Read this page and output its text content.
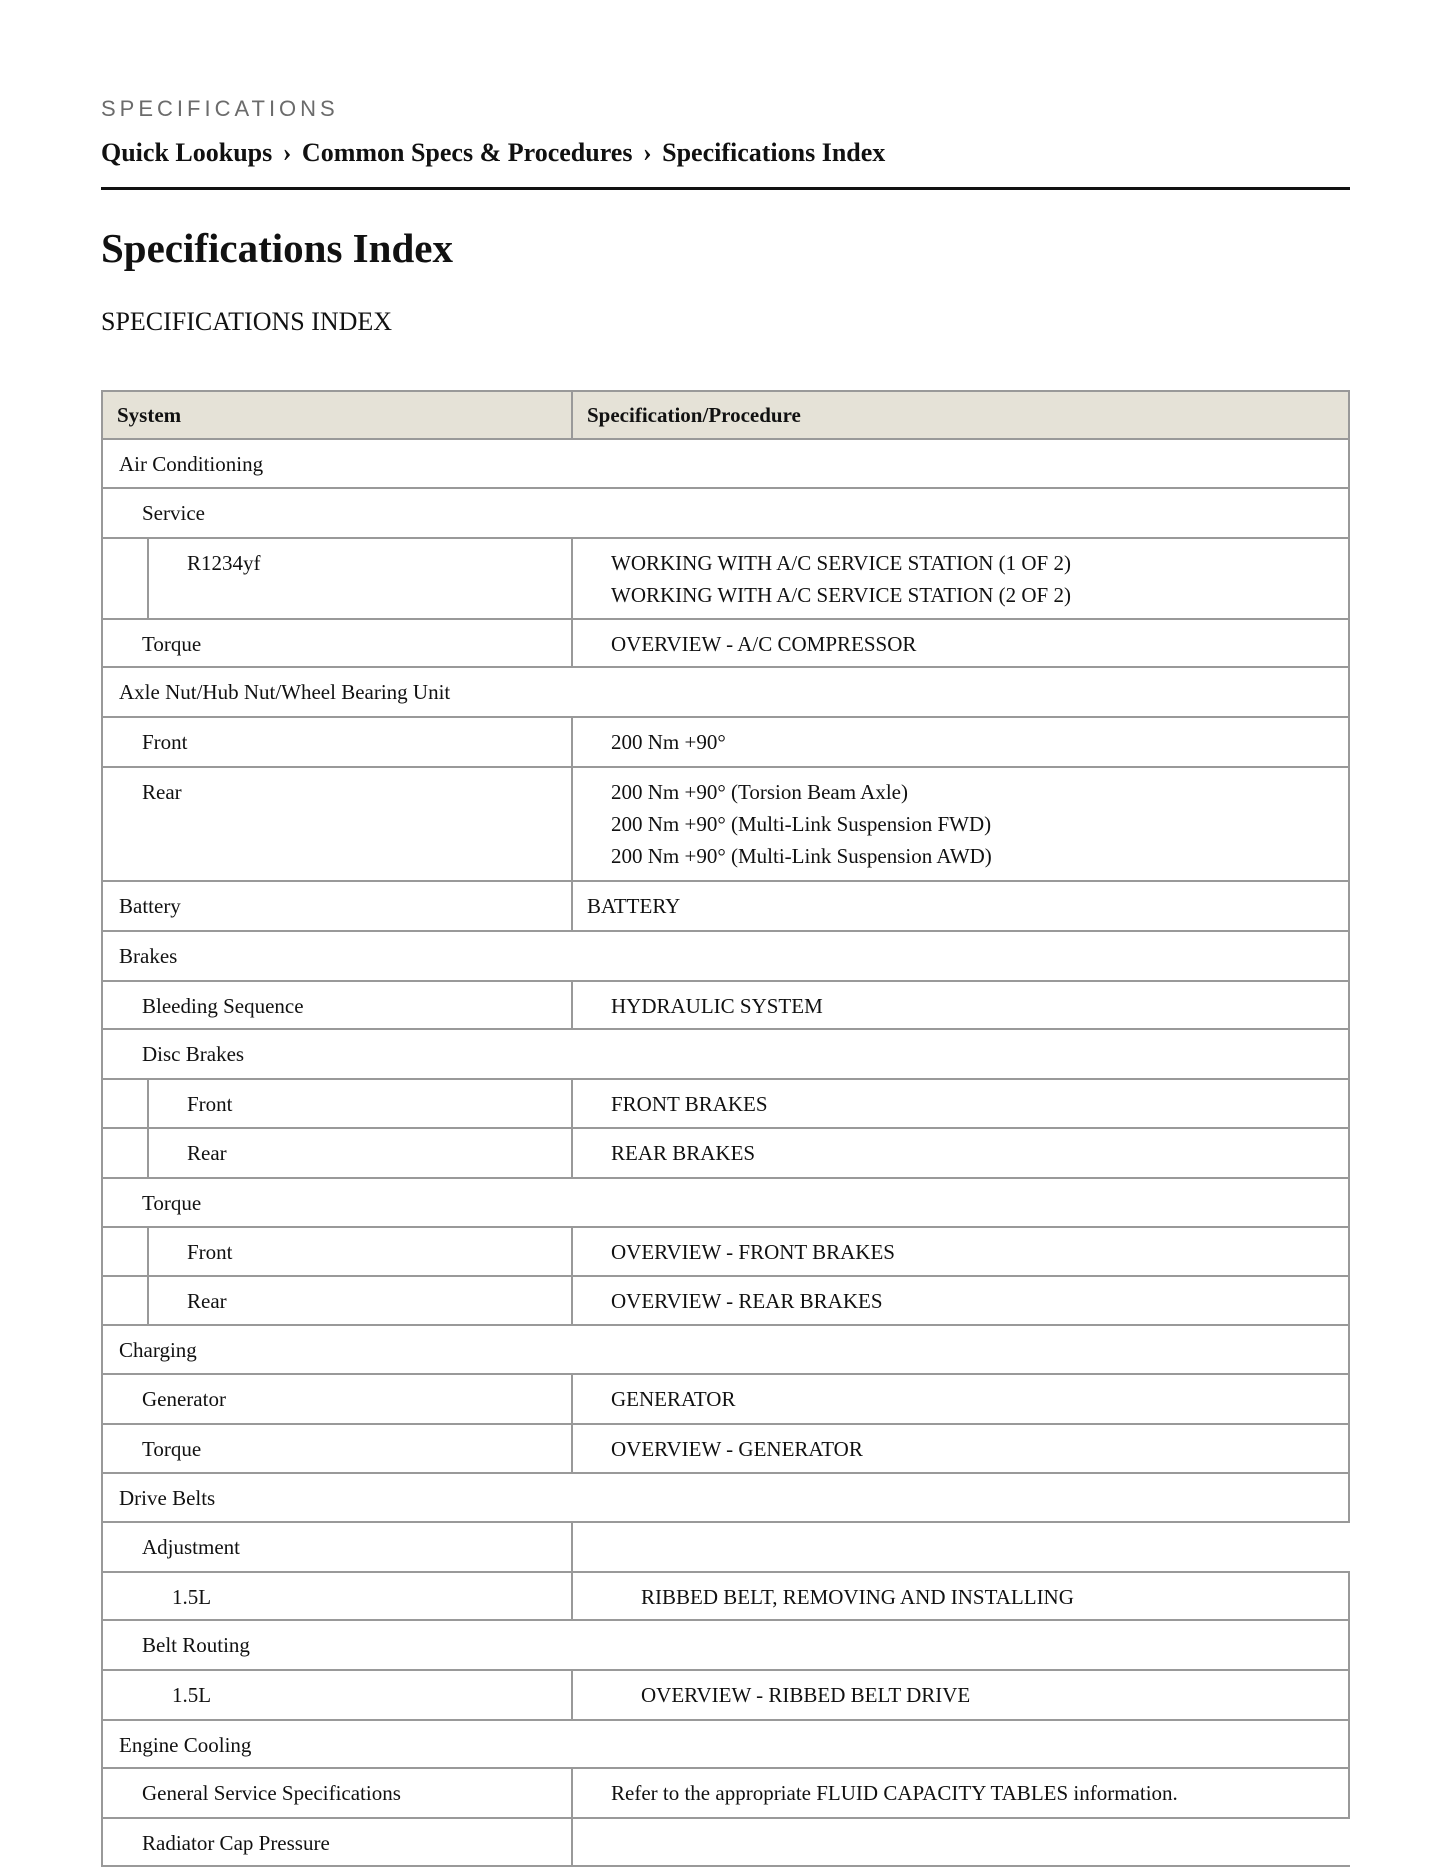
SPECIFICATIONS
Quick Lookups › Common Specs & Procedures › Specifications Index
Specifications Index
SPECIFICATIONS INDEX
System	Specification/Procedure
Air Conditioning
Service
R1234yf	WORKING WITH A/C SERVICE STATION (1 OF 2)
WORKING WITH A/C SERVICE STATION (2 OF 2)
Torque	OVERVIEW - A/C COMPRESSOR
Axle Nut/Hub Nut/Wheel Bearing Unit
Front	200 Nm +90°
Rear	200 Nm +90° (Torsion Beam Axle)
200 Nm +90° (Multi-Link Suspension FWD)
200 Nm +90° (Multi-Link Suspension AWD)
Battery	BATTERY
Brakes
Bleeding Sequence	HYDRAULIC SYSTEM
Disc Brakes
Front	FRONT BRAKES
Rear	REAR BRAKES
Torque
Front	OVERVIEW - FRONT BRAKES
Rear	OVERVIEW - REAR BRAKES
Charging
Generator	GENERATOR
Torque	OVERVIEW - GENERATOR
Drive Belts
Adjustment
1.5L	RIBBED BELT, REMOVING AND INSTALLING
Belt Routing
1.5L	OVERVIEW - RIBBED BELT DRIVE
Engine Cooling
General Service Specifications	Refer to the appropriate FLUID CAPACITY TABLES information.
Radiator Cap Pressure
